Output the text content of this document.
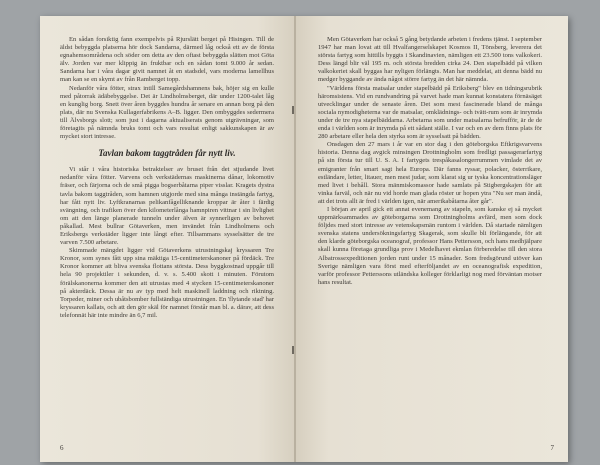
En sådan forsiktig fann exempelvis på Rjurslätt berget på Hisingen. Till de äldst bebyggda platserna hör dock Sandarna, därmed låg också ett av de första egnahemsområdena och söder om detta av den oftast bebyggda slätten mot Göta älv. Jorden var mer klippig än fruktbar och en sådan tomt 9.000 år sedan. Sandarna har i våra dagar givit namnet åt en stadsdel, vars moderna lamellhus man kan se en skymt av från Ramberget topp.

Nedanför våra fötter, strax intill Samegårdshamnens bak, höjer sig en kulle med påtorrak ädäbebyggelse. Det är Lindholmsberget, där under 1200-talet låg en kunglig borg. Snett över åren byggdes hundra år senare en annan borg på den plats, där nu Svenska Kullagerfabrikens A–B. ligger. Den ombyggdes sedermera till Älvsborgs slott; som just i dagarna aktualiserats genom utgrävningar, som företagits på nämnda bruks tomt och vars resultat enligt sakkunskapen är av mycket stort intresse.

Tavlan bakom taggtråden får nytt liv.

Vi står i våra historiska betraktelser av bruset från det stjudande livet nedanför våra fötter. Varvens och verkstädernas maskinerna dånar, lokomotiv fräser, och färjorna och de små pigga bogserbåtarna piper visslar. Kragets dystra tavla bakom taggtråden, som hamnen utgjorde med sina många instängda fartyg, har fått nytt liv. Lyftkranarnas pelikanfågelliknande kroppar är åter i färdig svängning, och trafiken över den kilometerlånga hamnpiren vittnar i sin livlighet om att den länge planerade tunneln under älven är synnerligen av behovet påkallad. Mest bullrar Götaverken, men invändet från Lindholmens och Eriksbergs verkstäder ligger inte långt efter. Tillsammans sysselsätter de tre varven 7.500 arbetare.

Skimmade mängdet ligger vid Götaverkens utrustningskaj kryssaren Tre Kronor, som synes fått upp sina mäktiga 15-centimeterskanoner på fördäck. Tre Kronor kommer att bliva svenska flottans största. Dess byggkostnad uppgår till hela 90 projektiler i sekunden, d. v. s. 5.400 skott i minuten. Förutom förälskanonerna kommer den att utrustas med 4 stycken 15-centimeterskanoner på akterdäck. Dessa är nu av typ med helt maskinell laddning och riktning. Torpeder, miner och ubåtsbomber fullständiga utrustningen. En 'flytande stad' har kryssaren kallats, och att den gör skäl för namnet förstår man bl. a. därav, att dess telefonnät här inte mindre än 6,7 mil.

6

Men Götaverken har också 5 gång betydande arbeten i fredens tjänst. I september 1947 har man lovat att till Hvalfangerselskapet Kosmos II, Tönsberg, leverera det största fartyg som hittills byggts i Skandinavien, nämligen ett 23.500 tons valkokeri. Dess längd blir väl 195 m. och största bredden cirka 24. Den stapelbädd på vilken valkokeriet skall byggas har nyligen förlängts. Man har meddelat, att denna bädd nu medger byggande av ända något större fartyg än det här nämnda.

"Världens första matsalar under stapelbädd på Eriksberg" blev en tidningsrubrik häromsistens. Vid en rundvandring på varvet hade man kunnat konstatera förnäsäget utvecklingar under de senaste åren. Det som mest fascinerade bland de många sociala nymodigheterna var de matsalar, omklädnings- och tvätt-rum som är inrymda under de tre nya stapelbäddarna. Arbetarna som under matsalarna befrufför, är de de enda i världen som är inrymda på ett sådant ställe. I var och en av dem finns plats för 280 arbetare eller hela den styrka som är sysselsatt på bädden.

Onsdagen den 27 mars i år var en stor dag i den göteborgska Eftkrigsvarvens historia. Denna dag avgick minsingen Drottningholm som fredligt passagerarfartyg på sin första tur till U. S. A. I fartygets trespåkasalongerrummen vimlade det av emigranter från smart sagt hela Europa. Där fanns ryssar, polacker, österrikare, estländare, letter, litauer, men mest judar, som klarat sig ur tyska koncentrationsläger med livet i behåll. Stora mänmiskomassor hade samlats på Stigbergskajen för att vinka farväl, och när nu vid horde man glada röster ur hopen ytra "Nu ser man ändå, att det trots allt är fred i världen igen, när amerikabåtarna åter går".

I början av april gick ett annat evenemang av stapeln, som kanske ej så mycket uppmärksammades av göteborgarna som Drottningholms avfärd, men som dock följdes med stort intresse av vetenskapsmän runtom i världen. Då startade nämligen svenska statens undersökningsfartyg Skagerak, som skulle bli förlängande, för att den klarde göteborgska oceanograf, professor Hans Pettersson, och hans medhjälpare skall kunna företaga grundliga prov i Medelhavet ekmlan förberedelse till den stora Albatrossexpeditionen jorden runt under 15 månader. Som fredsgörund utöver kan Sverige nämligen vara först med efterföljandet av en oceanografisk expedition, varför professor Petterssons utländska kolleger förklarligt nog med förväntan motser hans resultat.

7
